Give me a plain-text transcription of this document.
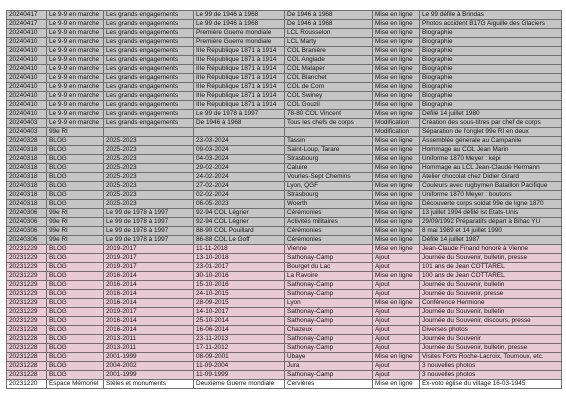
20240417	Le 9-9 en marche	Les grands engagements	Le 99 de 1946 à 1968	De 1946 à 1968	Mise en ligne	Le 99 défile à Brindas
20240417	Le 9-9 en marche	Les grands engagements	Le 99 de 1946 à 1968	De 1946 à 1968	Mise en ligne	Photos accident B17G Aiguille des Glaciers
20240410	Le 9-9 en marche	Les grands engagements	Première Guerre mondiale	LCL Rousselon	Mise en ligne	Biographie
20240410	Le 9-9 en marche	Les grands engagements	Première Guerre mondiale	LCL Marty	Mise en ligne	Biographie
20240410	Le 9-9 en marche	Les grands engagements	IIIe République 1871 à 1914	COL Branière	Mise en ligne	Biographie
20240410	Le 9-9 en marche	Les grands engagements	IIIe République 1871 à 1914	COL Anglade	Mise en ligne	Biographie
20240410	Le 9-9 en marche	Les grands engagements	IIIe République 1871 à 1914	COL Malaper	Mise en ligne	Biographie
20240410	Le 9-9 en marche	Les grands engagements	IIIe République 1871 à 1914	COL Blanchet	Mise en ligne	Biographie
20240410	Le 9-9 en marche	Les grands engagements	IIIe République 1871 à 1914	COL de Corn	Mise en ligne	Biographie
20240410	Le 9-9 en marche	Les grands engagements	IIIe République 1871 à 1914	COL Swiney	Mise en ligne	Biographie
20240410	Le 9-9 en marche	Les grands engagements	IIIe République 1871 à 1914	COL Gouzil	Mise en ligne	Biographie
20240410	Le 9-9 en marche	Les grands engagements	Le 99 de 1978 à 1997	78-80 COL Vincent	Mise en ligne	Défilé 14 juillet 1980
20240403	Le 9-9 en marche	Les grands engagements	De 1946 à 1968	Tous les chefs de corps	Modification	Création des sous-titres par chef de corps
20240403	99e RI				Modification	Séparation de l'onglet 99e RI en deux
20240328	BLOG	2025-2023	23-03-2024	Tassin	Mise en ligne	Assemblée générale au Campanile
20240318	BLOG	2025-2023	09-03-2024	Saint-Loup, Tarare	Mise en ligne	Hommage au COL Jean Marin
20240318	BLOG	2025-2023	04-03-2024	Strasbourg	Mise en ligne	Uniforme 1870 Meyer : képi
20240318	BLOG	2025-2023	29-02-2024	Caluire	Mise en ligne	Hommage au LCL Jean-Claude Hermann
20240318	BLOG	2025-2023	24-02-2024	Vourles-Sept Chemins	Mise en ligne	Atelier chocolat chez Didier Girard
20240318	BLOG	2025-2023	27-02-2024	Lyon, QGF	Mise en ligne	Couleurs avec rugbymen Bataillon Pacifique
20240318	BLOG	2025-2023	02-02-2024	Strasbourg	Mise en ligne	Uniforme 1870 Meyer : boutons
20240318	BLOG	2025-2023	06-05-2023	Woerth	Mise en ligne	Découverte corps soldat 99e de ligne 1870
20240306	99e RI	Le 99 de 1978 à 1997	92-94 COL Légrier	Cérémonies	Mise en ligne	13 juillet 1994 défilé Ist Etats-Unis
20240306	99e RI	Le 99 de 1978 à 1997	92-94 COL Légrier	Activités militaires	Mise en ligne	29/09/1992 Préparatifs départ à Bihac YU
20240306	99e RI	Le 99 de 1978 à 1997	88-90 COL Pouillard	Cérémonies	Mise en ligne	8 mai 1989 et 14 juillet 1990
20240306	99e RI	Le 99 de 1978 à 1997	86-88 COL Le Goff	Cérémonies	Mise en ligne	Défilé 14 juillet 1987
20231229	BLOG	2019-2017	11-11-2018	Vienne	Mise en ligne	Jean-Claude Finand honoré à Vienne
20231229	BLOG	2019-2017	13-10-2018	Sathonay-Camp	Ajout	Journée du Souvenir, bulletin, presse
20231229	BLOG	2019-2017	23-01-2017	Bourget du Lac	Ajout	101 ans de Jean COTTAREL
20231229	BLOG	2016-2014	30-10-2016	La Ravoire	Mise en ligne	100 ans de Jean COTTAREL
20231229	BLOG	2016-2014	15-10-2016	Sathonay-Camp	Ajout	Journée du Souvenir, bulletin
20231229	BLOG	2016-2014	24-10-2015	Sathonay-Camp	Ajout	Journée du Souvenir, presse
20231229	BLOG	2016-2014	28-09-2015	Lyon	Mise en ligne	Conférence Hermione
20231229	BLOG	2019-2017	14-10-2017	Sathonay-Camp	Ajout	Journée du Souvenir, bulletin
20231229	BLOG	2016-2014	25-10-2014	Sathonay-Camp	Ajout	Journée du Souvenir, discours, presse
20231228	BLOG	2016-2014	16-06-2014	Chazeux	Ajout	Diverses photos
20231228	BLOG	2013-2011	23-11-2013	Sathonay-Camp	Ajout	Journée du Souvenir
20231228	BLOG	2013-2011	17-11-2012	Sathonay-Camp	Ajout	Journée du Souvenir, bulletin, presse
20231228	BLOG	2001-1999	08-09-2001	Ubaye	Mise en ligne	Visites Forts Roche-Lacroix, Tournoux, etc.
20231228	BLOG	2004-2002	11-09-2004	Jura	Ajout	3 nouvelles photos
20231228	BLOG	2001-1999	11-09-1999	Sathonay-Camp	Ajout	3 nouvelles photos
20231220	Espace Mémoriel	Stèles et monuments	Deuxième Guerre mondiale	Cervières	Mise en ligne	Ex-voto église du village 16-03-1945
